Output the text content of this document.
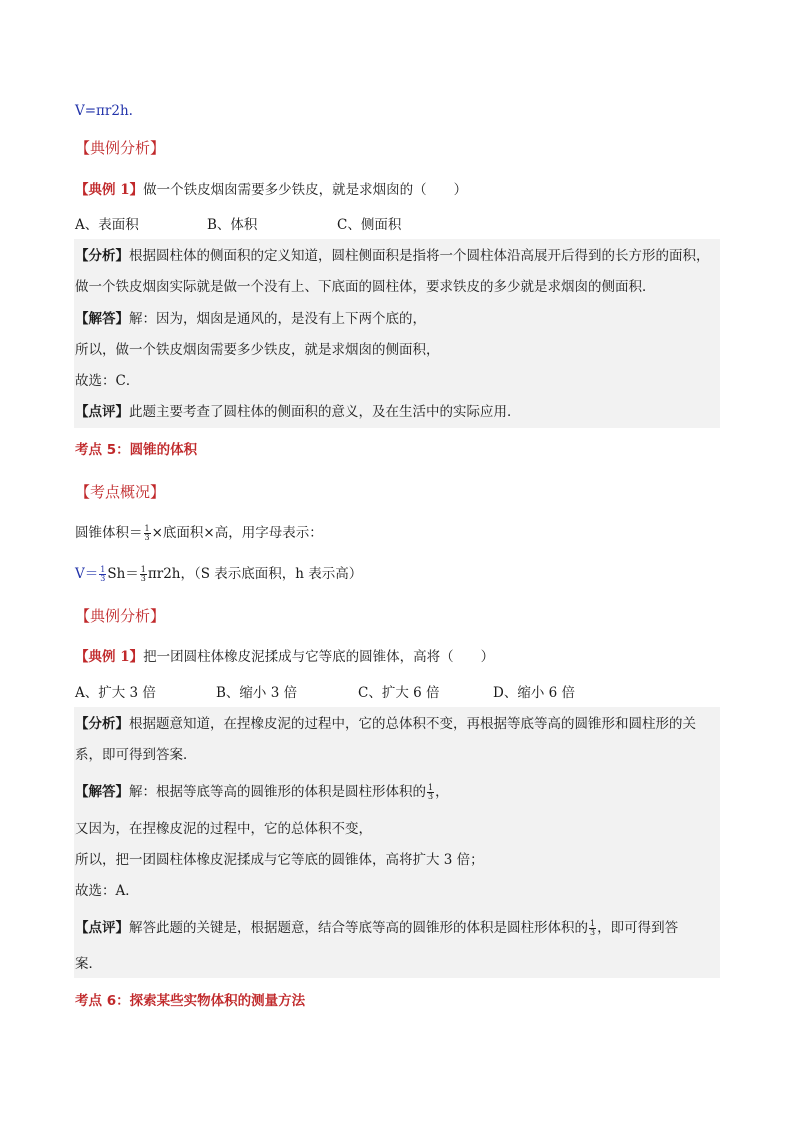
V=πr2h.
【典例分析】
【典例 1】做一个铁皮烟囱需要多少铁皮，就是求烟囱的（　　）
A、表面积	B、体积	C、侧面积
【分析】根据圆柱体的侧面积的定义知道，圆柱侧面积是指将一个圆柱体沿高展开后得到的长方形的面积，
做一个铁皮烟囱实际就是做一个没有上、下底面的圆柱体，要求铁皮的多少就是求烟囱的侧面积．
【解答】解：因为，烟囱是通风的，是没有上下两个底的，
所以，做一个铁皮烟囱需要多少铁皮，就是求烟囱的侧面积，
故选：C．
【点评】此题主要考查了圆柱体的侧面积的意义，及在生活中的实际应用．
考点 5：圆锥的体积
【考点概况】
圆锥体积＝ $\frac{1}{3}$ ×底面积×高，用字母表示：
$V= \frac{1}{3} Sh= \frac{1}{3} \pi r2h$，（S 表示底面积，h 表示高）
【典例分析】
【典例 1】把一团圆柱体橡皮泥揉成与它等底的圆锥体，高将（　　）
A、扩大 3 倍	B、缩小 3 倍	C、扩大 6 倍	D、缩小 6 倍
【分析】根据题意知道，在捏橡皮泥的过程中，它的总体积不变，再根据等底等高的圆锥形和圆柱形的关
系，即可得到答案．
【解答】解：根据等底等高的圆锥形的体积是圆柱形体积的 $\frac{1}{3}$ ，
又因为，在捏橡皮泥的过程中，它的总体积不变，
所以，把一团圆柱体橡皮泥揉成与它等底的圆锥体，高将扩大 3 倍；
故选：A．
【点评】解答此题的关键是，根据题意，结合等底等高的圆锥形的体积是圆柱形体积的 $\frac{1}{3}$ ，即可得到答
案．
考点 6：探索某些实物体积的测量方法
